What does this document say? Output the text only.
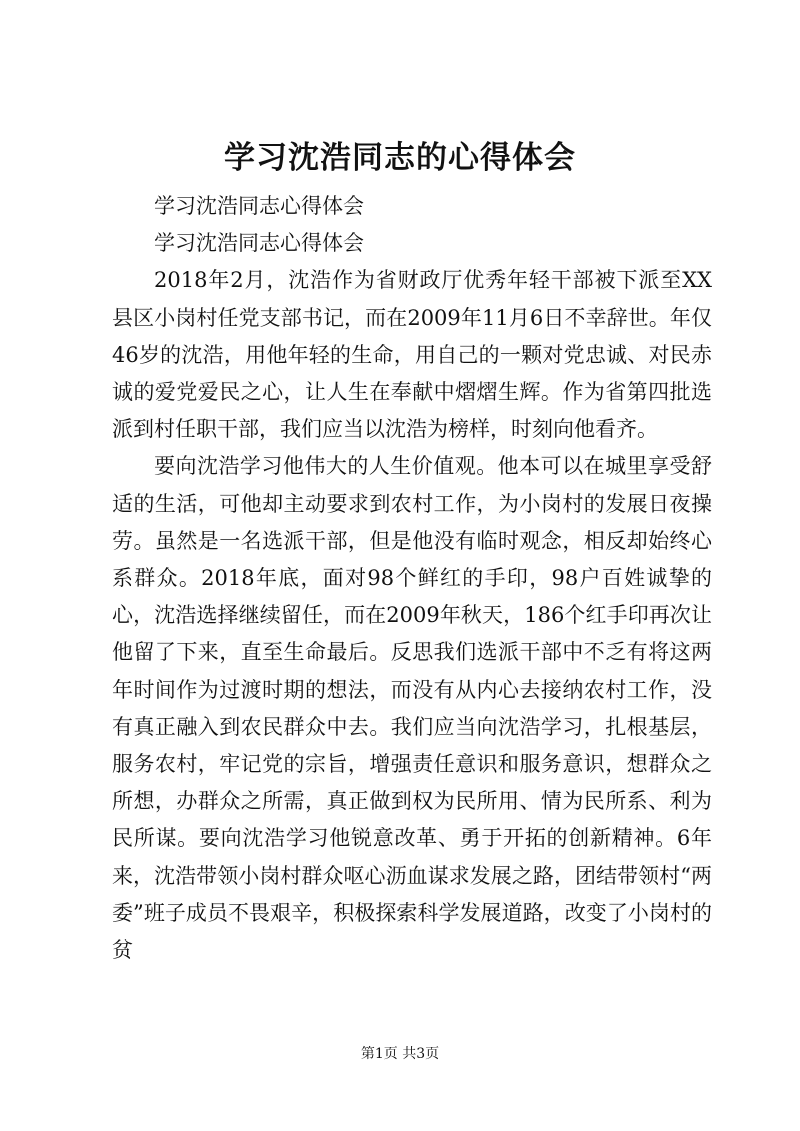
学习沈浩同志的心得体会

学习沈浩同志心得体会

学习沈浩同志心得体会

2018年2月，沈浩作为省财政厅优秀年轻干部被下派至XX县区小岗村任党支部书记，而在2009年11月6日不幸辞世。年仅46岁的沈浩，用他年轻的生命，用自己的一颗对党忠诚、对民赤诚的爱党爱民之心，让人生在奉献中熠熠生辉。作为省第四批选派到村任职干部，我们应当以沈浩为榜样，时刻向他看齐。

要向沈浩学习他伟大的人生价值观。他本可以在城里享受舒适的生活，可他却主动要求到农村工作，为小岗村的发展日夜操劳。虽然是一名选派干部，但是他没有临时观念，相反却始终心系群众。2018年底，面对98个鲜红的手印，98户百姓诚挚的心，沈浩选择继续留任，而在2009年秋天，186个红手印再次让他留了下来，直至生命最后。反思我们选派干部中不乏有将这两年时间作为过渡时期的想法，而没有从内心去接纳农村工作，没有真正融入到农民群众中去。我们应当向沈浩学习，扎根基层，服务农村，牢记党的宗旨，增强责任意识和服务意识，想群众之所想，办群众之所需，真正做到权为民所用、情为民所系、利为民所谋。要向沈浩学习他锐意改革、勇于开拓的创新精神。6年来，沈浩带领小岗村群众呕心沥血谋求发展之路，团结带领村“两委”班子成员不畏艰辛，积极探索科学发展道路，改变了小岗村的贫

第1页 共3页
